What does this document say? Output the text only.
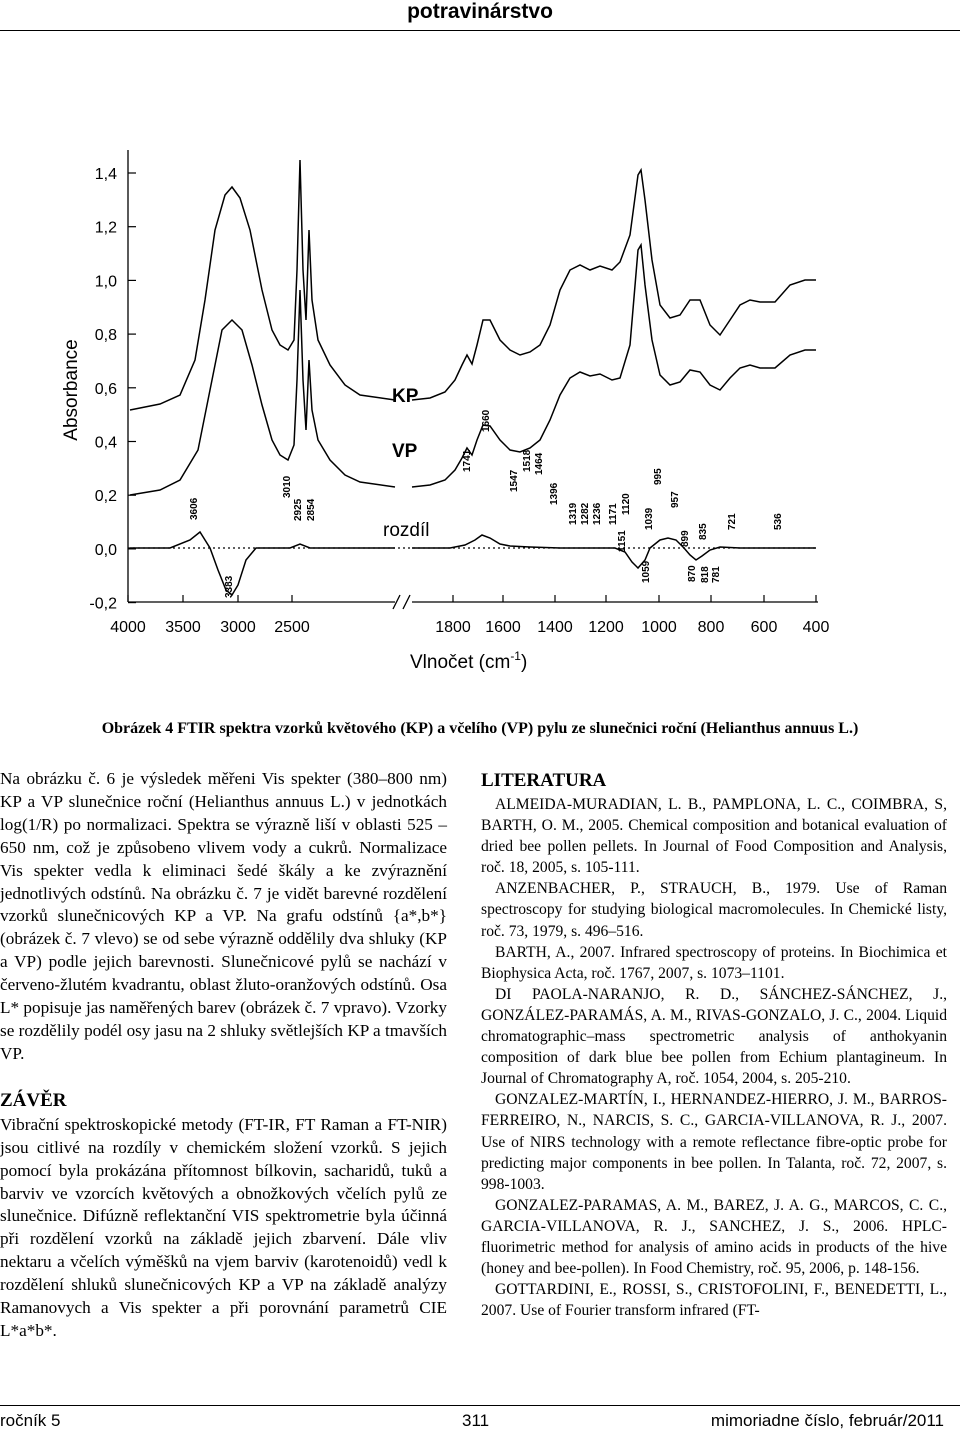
potravinárstvo
1,4
1,2
1,0
0,8
0,6
0,4
0,2
0,0
-0,2
4000 3500 3000 2500	1800 1600 1400 1200 1000 800 600 400
Absorbance
Vlnočet $(cm^{-1})$
KP
VP
rozdíl
3606
3383
3010
2925 2854
1741
1660
1547
1518 1464
1396
1319 1282 1236 1171
1151
1120
1059
1039
995
957
899
870
835
818 781
721	536
Obrázek 4 FTIR spektra vzorků květového (KP) a včelího (VP) pylu ze slunečnici roční (Helianthus annuus L.)

Na obrázku č. 6 je výsledek měřeni Vis spekter (380–800 nm) KP a VP slunečnice roční (Helianthus annuus L.) v jednotkách log(1/R) po normalizaci. Spektra se výrazně liší v oblasti 525 – 650 nm, což je způsobeno vlivem vody a cukrů. Normalizace Vis spekter vedla k eliminaci šedé škály a ke zvýraznění jednotlivých odstínů. Na obrázku č. 7 je vidět barevné rozdělení vzorků slunečnicových KP a VP. Na grafu odstínů {a*,b*} (obrázek č. 7 vlevo) se od sebe výrazně oddělily dva shluky (KP a VP) podle jejich barevnosti. Slunečnicové pylů se nachází v červeno-žlutém kvadrantu, oblast žluto-oranžových odstínů. Osa L* popisuje jas naměřených barev (obrázek č. 7 vpravo). Vzorky se rozdělily podél osy jasu na 2 shluky světlejších KP a tmavších VP.

ZÁVĚR

Vibrační spektroskopické metody (FT-IR, FT Raman a FT-NIR) jsou citlivé na rozdíly v chemickém složení vzorků. S jejich pomocí byla prokázána přítomnost bílkovin, sacharidů, tuků a barviv ve vzorcích květových a obnožkových včelích pylů ze slunečnice. Difúzně reflektanční VIS spektrometrie byla účinná při rozdělení vzorků na základě jejich zbarvení. Dále vliv nektaru a včelích výměšků na vjem barviv (karotenoidů) vedl k rozdělení shluků slunečnicových KP a VP na základě analýzy Ramanovych a Vis spekter a při porovnání parametrů CIE L*a*b*.

LITERATURA

ALMEIDA-MURADIAN, L. B., PAMPLONA, L. C., COIMBRA, S, BARTH, O. M., 2005. Chemical composition and botanical evaluation of dried bee pollen pellets. In Journal of Food Composition and Analysis, roč. 18, 2005, s. 105-111.

ANZENBACHER, P., STRAUCH, B., 1979. Use of Raman spectroscopy for studying biological macromolecules. In Chemické listy, roč. 73, 1979, s. 496–516.

BARTH, A., 2007. Infrared spectroscopy of proteins. In Biochimica et Biophysica Acta, roč. 1767, 2007, s. 1073–1101.

DI PAOLA-NARANJO, R. D., SÁNCHEZ-SÁNCHEZ, J., GONZÁLEZ-PARAMÁS, A. M., RIVAS-GONZALO, J. C., 2004. Liquid chromatographic–mass spectrometric analysis of anthokyanin composition of dark blue bee pollen from Echium plantagineum. In Journal of Chromatography A, roč. 1054, 2004, s. 205-210.

GONZALEZ-MARTÍN, I., HERNANDEZ-HIERRO, J. M., BARROS-FERREIRO, N., NARCIS, S. C., GARCIA-VILLANOVA, R. J., 2007. Use of NIRS technology with a remote reflectance fibre-optic probe for predicting major components in bee pollen. In Talanta, roč. 72, 2007, s. 998-1003.

GONZALEZ-PARAMAS, A. M., BAREZ, J. A. G., MARCOS, C. C., GARCIA-VILLANOVA, R. J., SANCHEZ, J. S., 2006. HPLC-fluorimetric method for analysis of amino acids in products of the hive (honey and bee-pollen). In Food Chemistry, roč. 95, 2006, p. 148-156.

GOTTARDINI, E., ROSSI, S., CRISTOFOLINI, F., BENEDETTI, L., 2007. Use of Fourier transform infrared (FT-

ročník 5	311	mimoriadne číslo, február/2011
